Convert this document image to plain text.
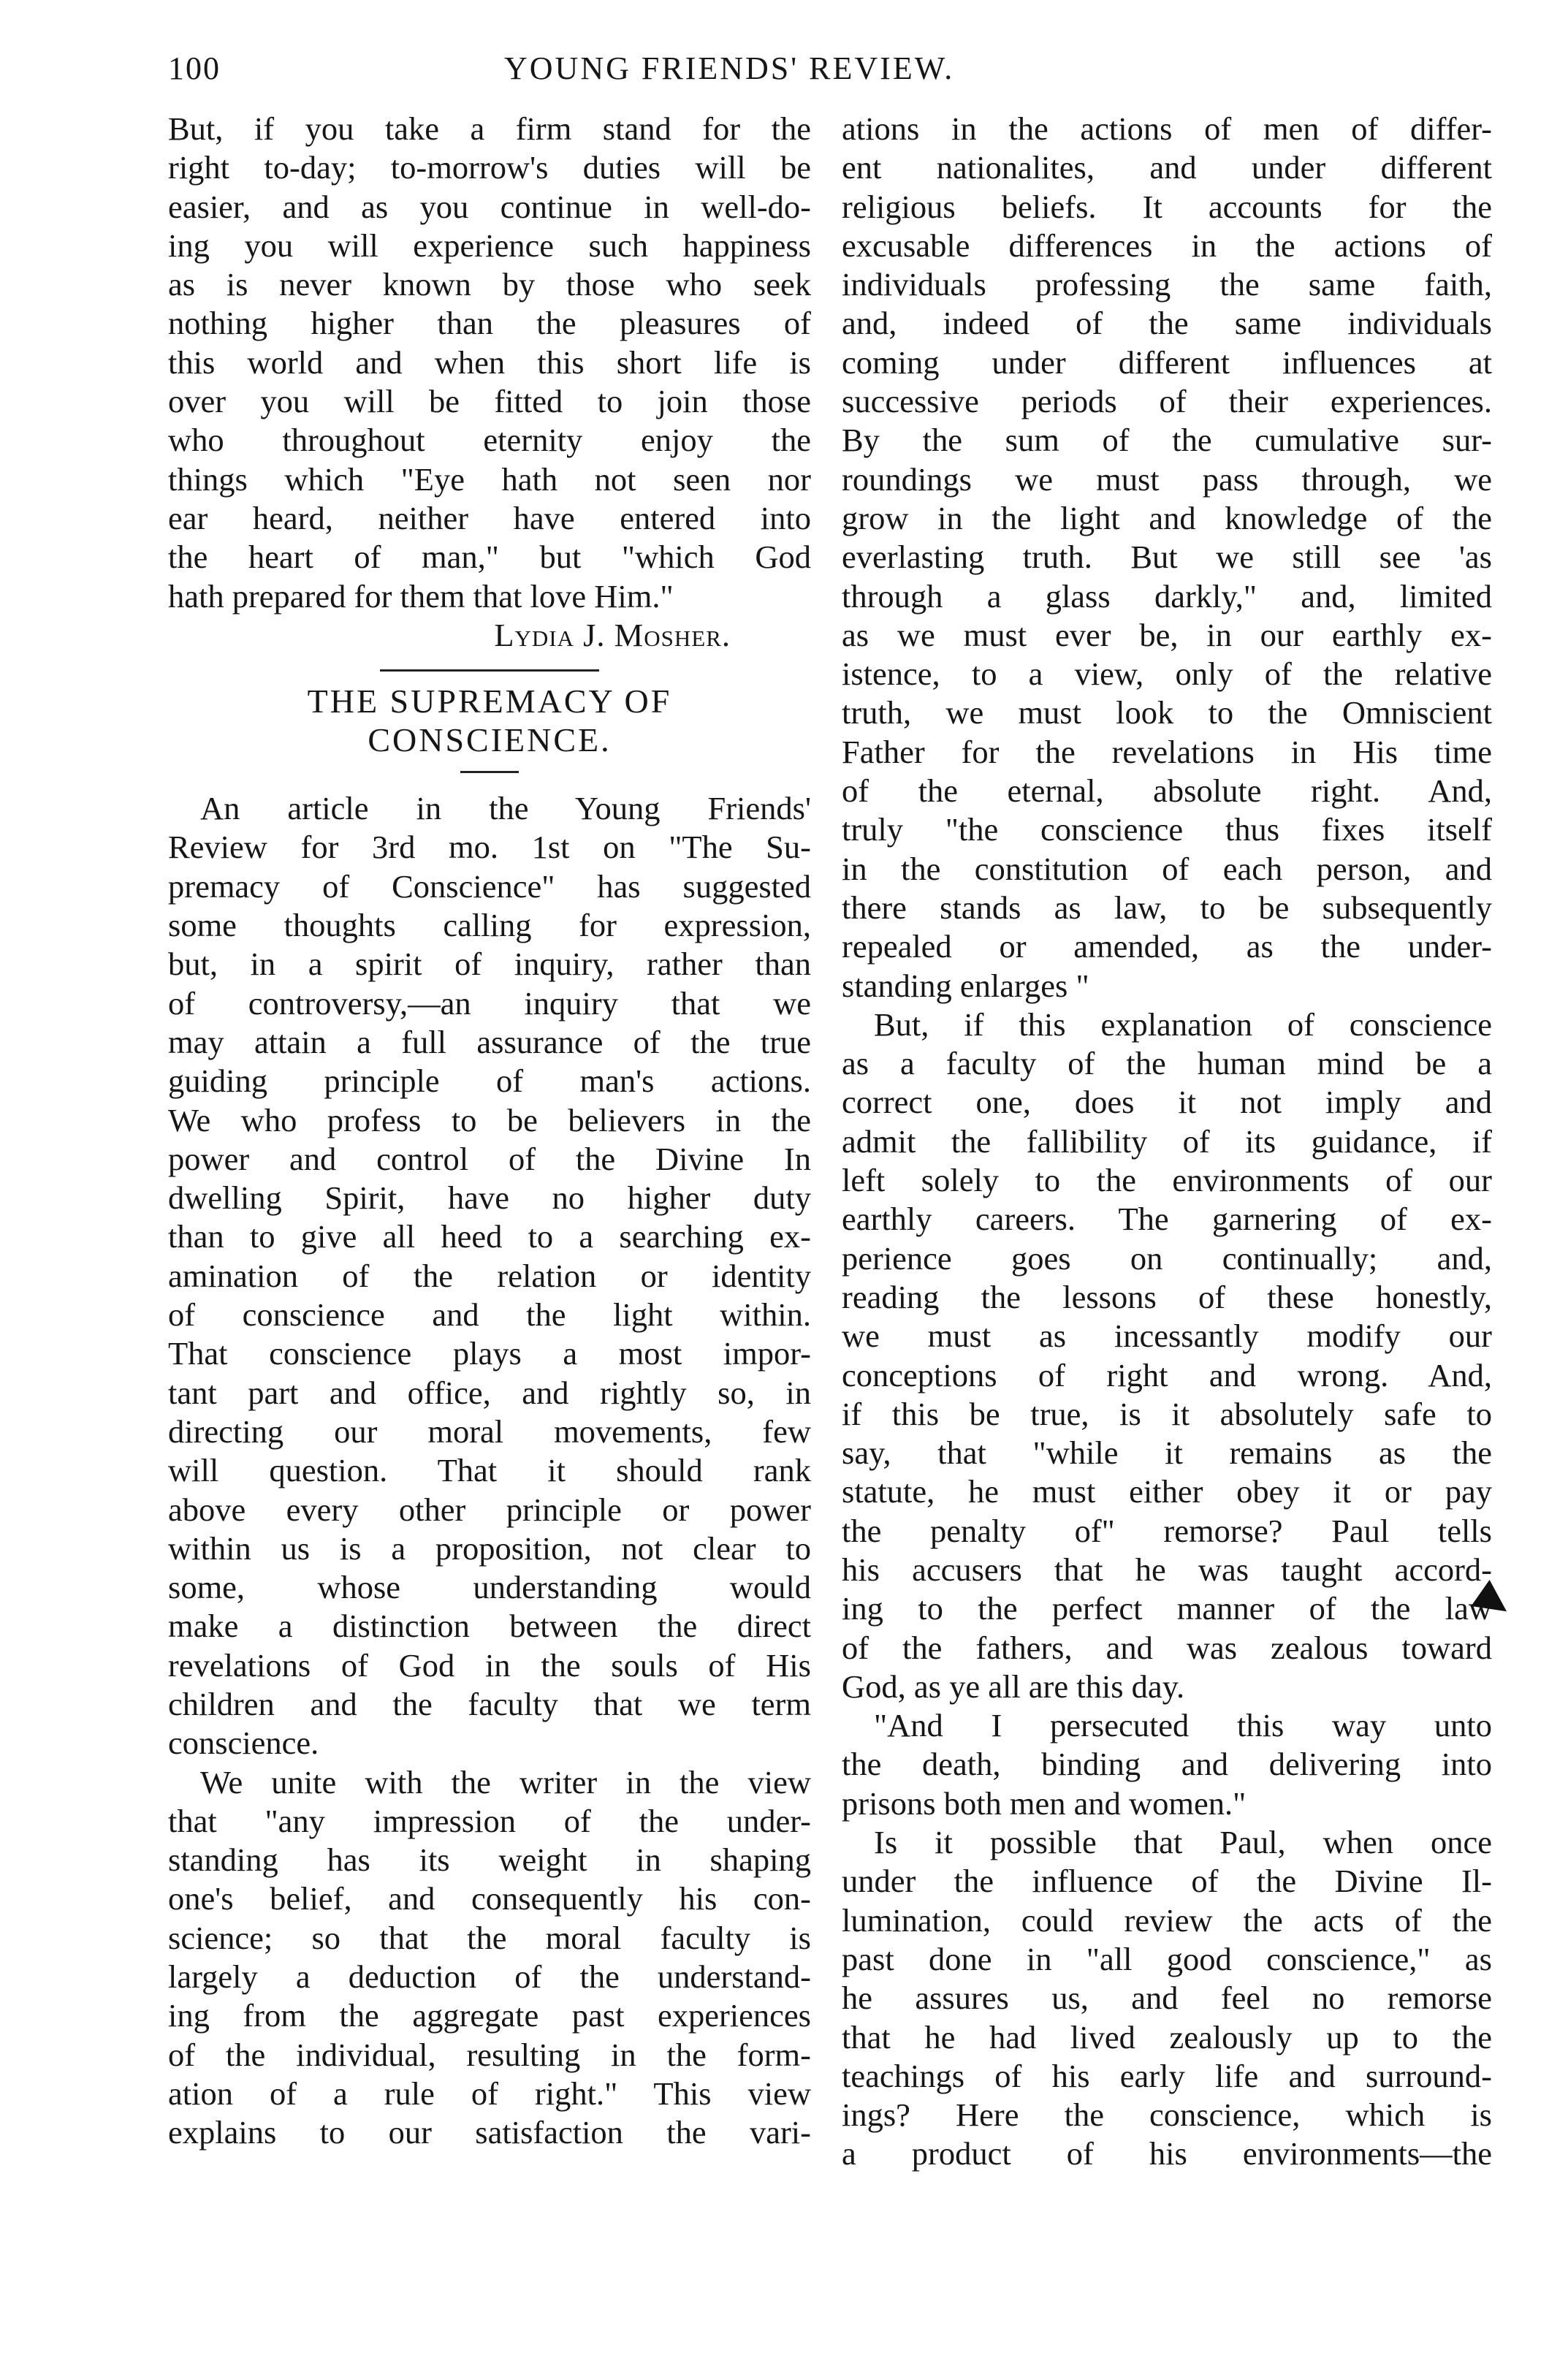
100	YOUNG FRIENDS' REVIEW.
But, if you take a firm stand for the
right to-day; to-morrow's duties will be
easier, and as you continue in well-do-
ing you will experience such happiness
as is never known by those who seek
nothing higher than the pleasures of
this world and when this short life is
over you will be fitted to join those
who throughout eternity enjoy the
things which "Eye hath not seen nor
ear heard, neither have entered into
the heart of man," but "which God
hath prepared for them that love Him."
Lydia J. Mosher.
THE SUPREMACY OF
CONSCIENCE.
An article in the Young Friends'
Review for 3rd mo. 1st on "The Su-
premacy of Conscience" has suggested
some thoughts calling for expression,
but, in a spirit of inquiry, rather than
of controversy,—an inquiry that we
may attain a full assurance of the true
guiding principle of man's actions.
We who profess to be believers in the
power and control of the Divine In
dwelling Spirit, have no higher duty
than to give all heed to a searching ex-
amination of the relation or identity
of conscience and the light within.
That conscience plays a most impor-
tant part and office, and rightly so, in
directing our moral movements, few
will question. That it should rank
above every other principle or power
within us is a proposition, not clear to
some, whose understanding would
make a distinction between the direct
revelations of God in the souls of His
children and the faculty that we term
conscience.
We unite with the writer in the view
that "any impression of the under-
standing has its weight in shaping
one's belief, and consequently his con-
science; so that the moral faculty is
largely a deduction of the understand-
ing from the aggregate past experiences
of the individual, resulting in the form-
ation of a rule of right." This view
explains to our satisfaction the vari-
ations in the actions of men of differ-
ent nationalites, and under different
religious beliefs. It accounts for the
excusable differences in the actions of
individuals professing the same faith,
and, indeed of the same individuals
coming under different influences at
successive periods of their experiences.
By the sum of the cumulative sur-
roundings we must pass through, we
grow in the light and knowledge of the
everlasting truth. But we still see 'as
through a glass darkly," and, limited
as we must ever be, in our earthly ex-
istence, to a view, only of the relative
truth, we must look to the Omniscient
Father for the revelations in His time
of the eternal, absolute right. And,
truly "the conscience thus fixes itself
in the constitution of each person, and
there stands as law, to be subsequently
repealed or amended, as the under-
standing enlarges "
But, if this explanation of conscience
as a faculty of the human mind be a
correct one, does it not imply and
admit the fallibility of its guidance, if
left solely to the environments of our
earthly careers. The garnering of ex-
perience goes on continually; and,
reading the lessons of these honestly,
we must as incessantly modify our
conceptions of right and wrong. And,
if this be true, is it absolutely safe to
say, that "while it remains as the
statute, he must either obey it or pay
the penalty of" remorse? Paul tells
his accusers that he was taught accord-
ing to the perfect manner of the law
of the fathers, and was zealous toward
God, as ye all are this day.
"And I persecuted this way unto
the death, binding and delivering into
prisons both men and women."
Is it possible that Paul, when once
under the influence of the Divine Il-
lumination, could review the acts of the
past done in "all good conscience," as
he assures us, and feel no remorse
that he had lived zealously up to the
teachings of his early life and surround-
ings? Here the conscience, which is
a product of his environments—the
